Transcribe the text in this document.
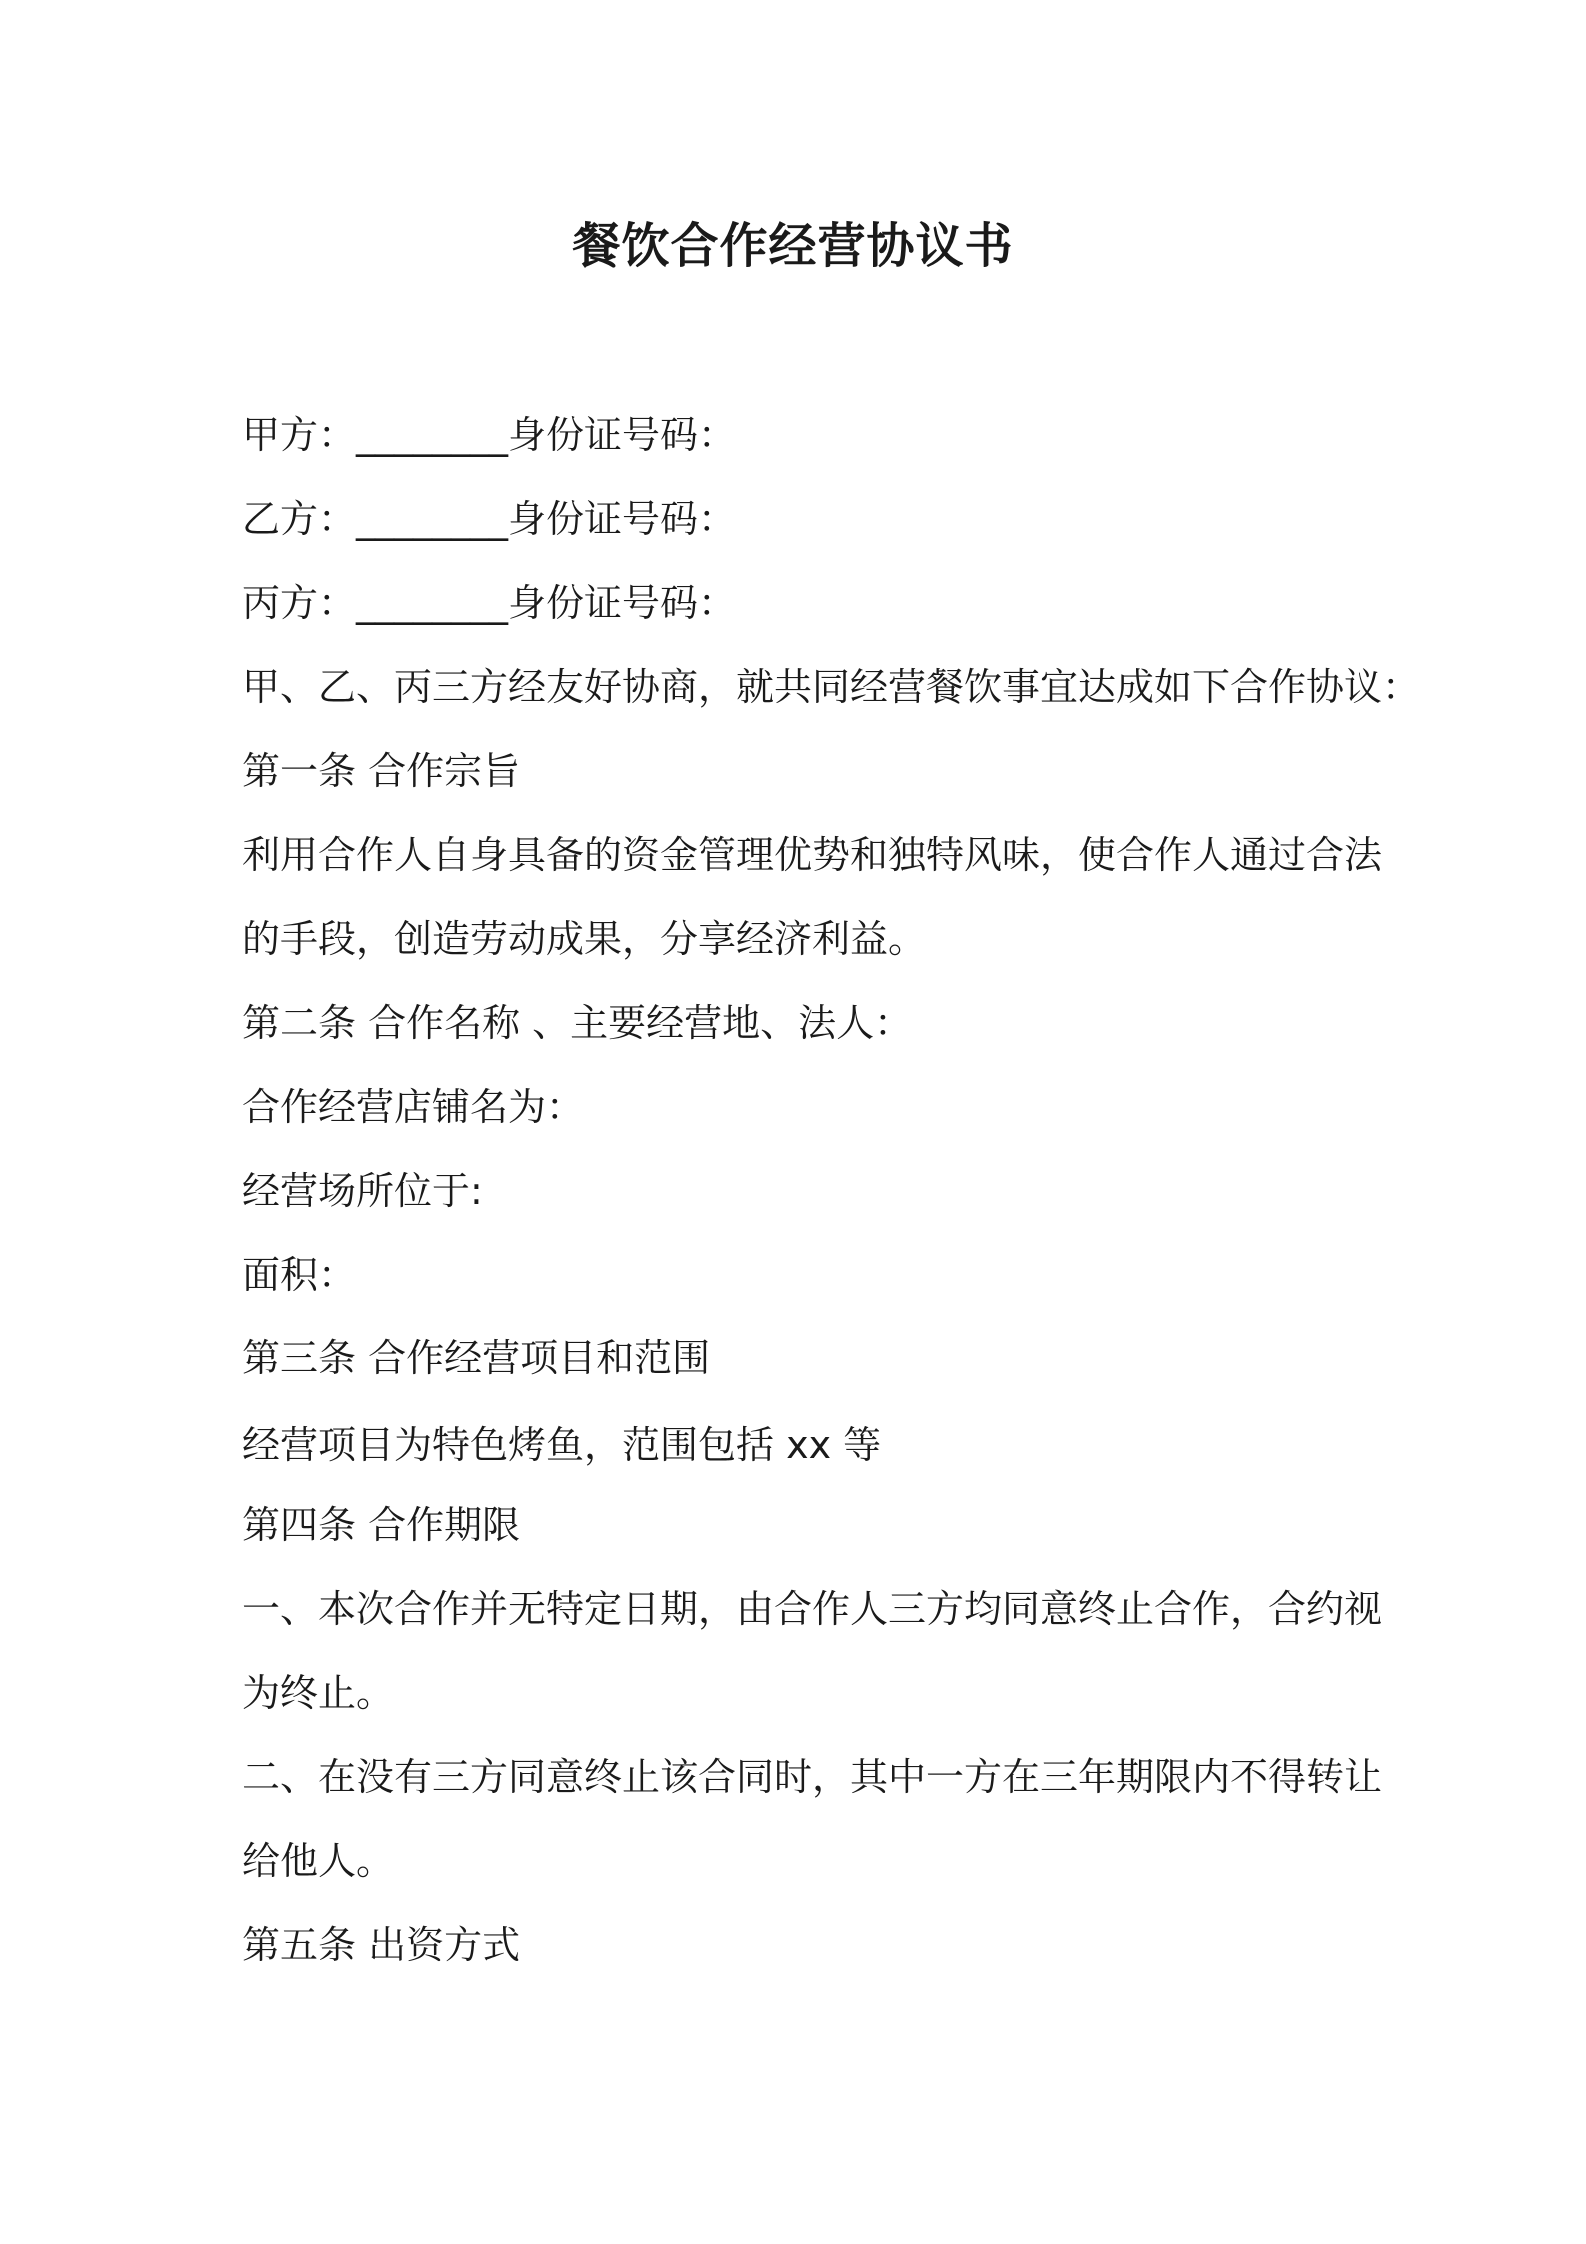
餐饮合作经营协议书
甲方：________身份证号码：
乙方：________身份证号码：
丙方：________身份证号码：
甲、乙、丙三方经友好协商，就共同经营餐饮事宜达成如下合作协议：
第一条 合作宗旨
利用合作人自身具备的资金管理优势和独特风味，使合作人通过合法
的手段，创造劳动成果，分享经济利益。
第二条 合作名称 、主要经营地、法人：
合作经营店铺名为：
经营场所位于:
面积：
第三条 合作经营项目和范围
经营项目为特色烤鱼，范围包括 xx 等
第四条 合作期限
一、本次合作并无特定日期，由合作人三方均同意终止合作，合约视
为终止。
二、在没有三方同意终止该合同时，其中一方在三年期限内不得转让
给他人。
第五条 出资方式
